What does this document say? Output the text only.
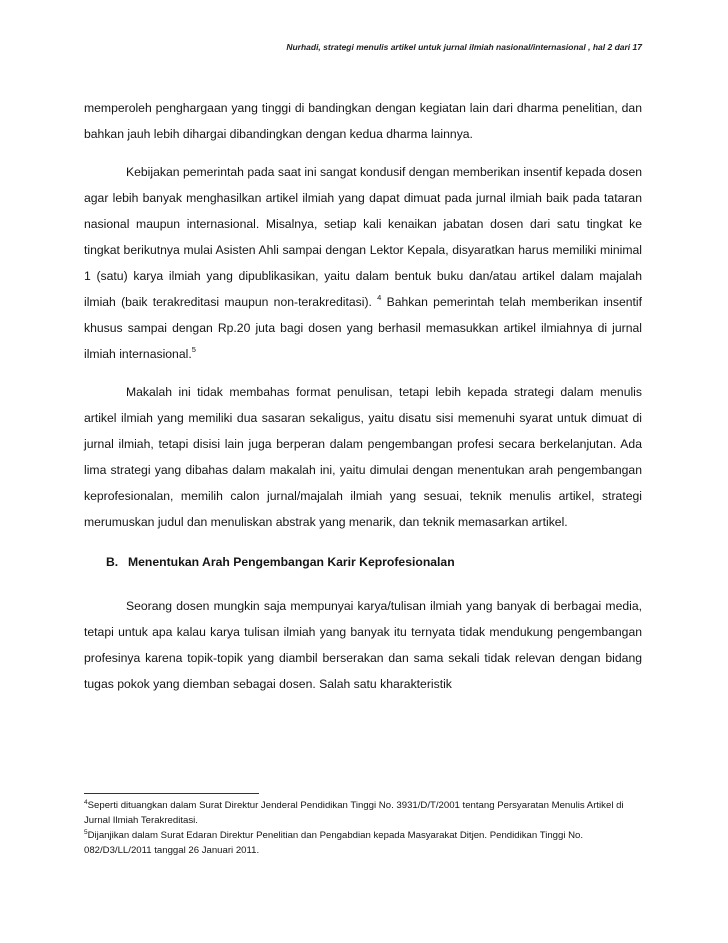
Nurhadi, strategi menulis artikel untuk jurnal ilmiah nasional/internasional , hal 2 dari 17

memperoleh penghargaan yang tinggi di bandingkan dengan kegiatan lain dari dharma penelitian, dan bahkan jauh lebih dihargai dibandingkan dengan kedua dharma lainnya.

Kebijakan pemerintah pada saat ini sangat kondusif dengan memberikan insentif kepada dosen agar lebih banyak menghasilkan artikel ilmiah yang dapat dimuat pada jurnal ilmiah baik pada tataran nasional maupun internasional. Misalnya, setiap kali kenaikan jabatan dosen dari satu tingkat ke tingkat berikutnya mulai Asisten Ahli sampai dengan Lektor Kepala, disyaratkan harus memiliki minimal 1 (satu) karya ilmiah yang dipublikasikan, yaitu dalam bentuk buku dan/atau artikel dalam majalah ilmiah (baik terakreditasi maupun non-terakreditasi). $^4$ Bahkan pemerintah telah memberikan insentif khusus sampai dengan Rp.20 juta bagi dosen yang berhasil memasukkan artikel ilmiahnya di jurnal ilmiah internasional.$^5$

Makalah ini tidak membahas format penulisan, tetapi lebih kepada strategi dalam menulis artikel ilmiah yang memiliki dua sasaran sekaligus, yaitu disatu sisi memenuhi syarat untuk dimuat di jurnal ilmiah, tetapi disisi lain juga berperan dalam pengembangan profesi secara berkelanjutan. Ada lima strategi yang dibahas dalam makalah ini, yaitu dimulai dengan menentukan arah pengembangan keprofesionalan, memilih calon jurnal/majalah ilmiah yang sesuai, teknik menulis artikel, strategi merumuskan judul dan menuliskan abstrak yang menarik, dan teknik memasarkan artikel.

B. Menentukan Arah Pengembangan Karir Keprofesionalan

Seorang dosen mungkin saja mempunyai karya/tulisan ilmiah yang banyak di berbagai media, tetapi untuk apa kalau karya tulisan ilmiah yang banyak itu ternyata tidak mendukung pengembangan profesinya karena topik-topik yang diambil berserakan dan sama sekali tidak relevan dengan bidang tugas pokok yang diemban sebagai dosen. Salah satu kharakteristik

$^4$Seperti dituangkan dalam Surat Direktur Jenderal Pendidikan Tinggi No. 3931/D/T/2001 tentang Persyaratan Menulis Artikel di Jurnal Ilmiah Terakreditasi.

$^5$Dijanjikan dalam Surat Edaran Direktur Penelitian dan Pengabdian kepada Masyarakat Ditjen. Pendidikan Tinggi No. 082/D3/LL/2011 tanggal 26 Januari 2011.
